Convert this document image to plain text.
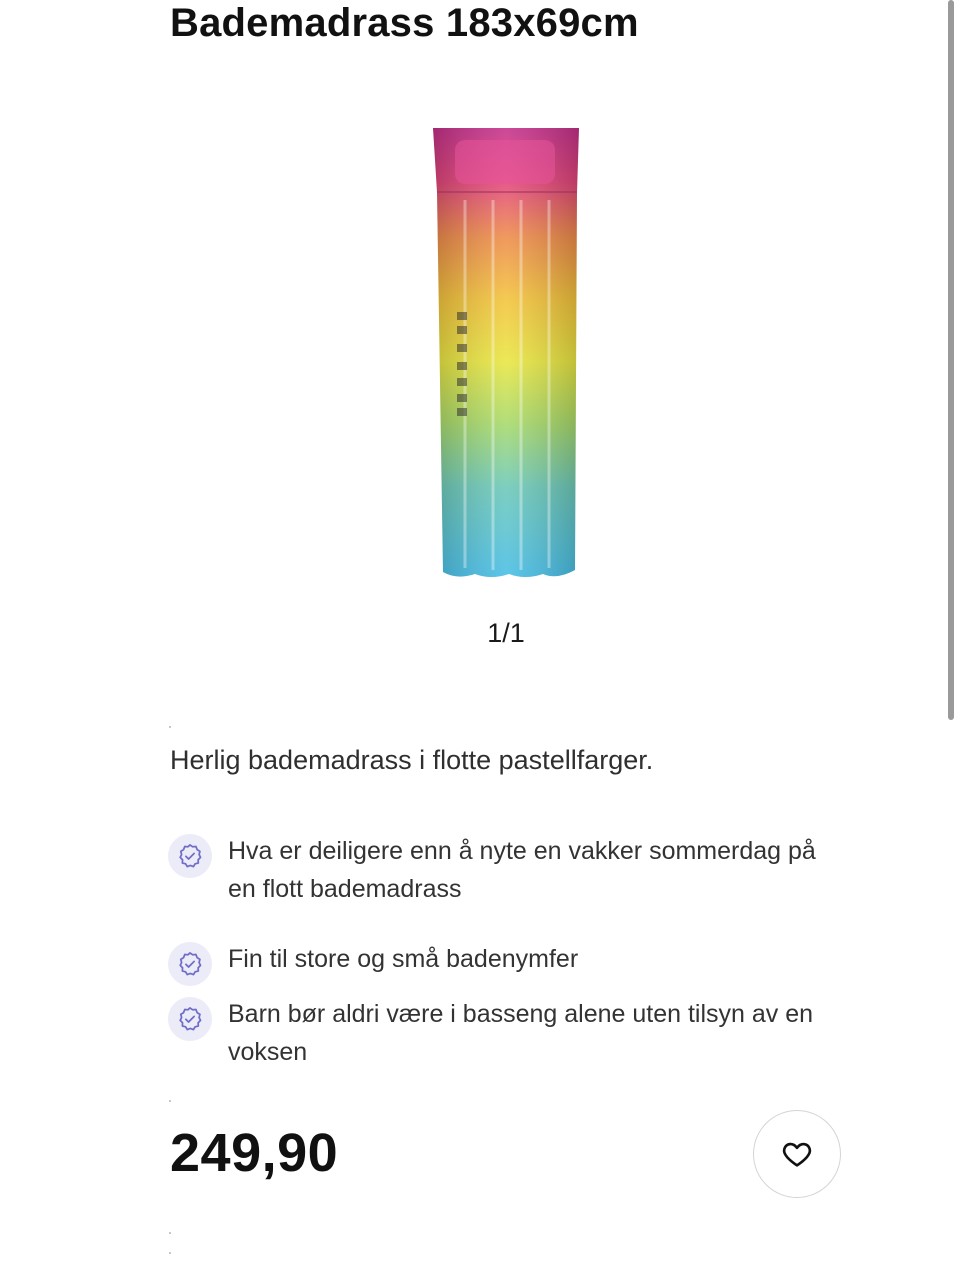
Bademadrass 183x69cm
1/1

Herlig bademadrass i flotte pastellfarger.

Hva er deiligere enn å nyte en vakker sommerdag på en flott bademadrass
Fin til store og små badenymfer
Barn bør aldri være i basseng alene uten tilsyn av en voksen
249,90
